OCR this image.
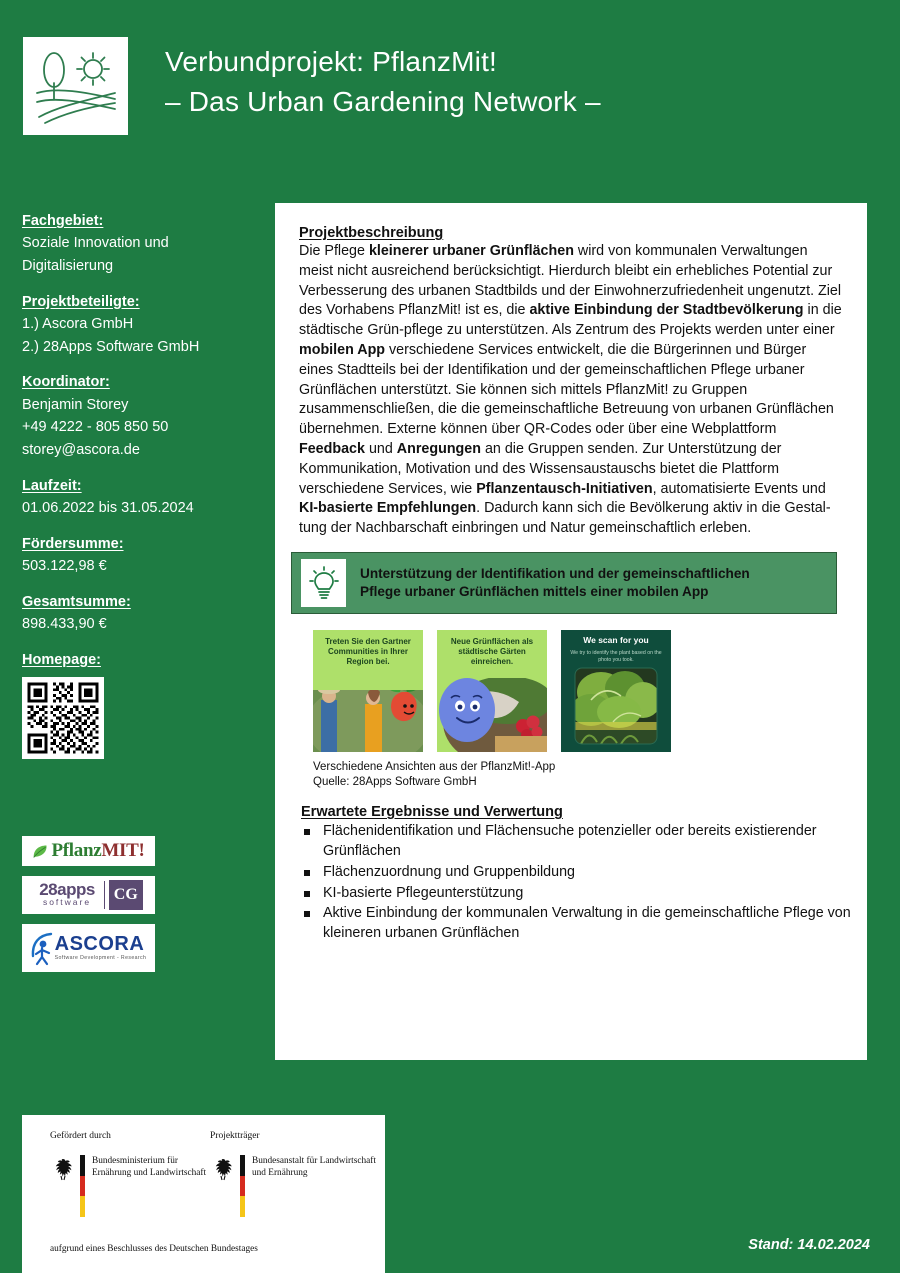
Verbundprojekt: PflanzMit!
– Das Urban Gardening Network –
Fachgebiet:
Soziale Innovation und
Digitalisierung
Projektbeteiligte:
1.) Ascora GmbH
2.) 28Apps Software GmbH
Koordinator:
Benjamin Storey
+49 4222 - 805 850 50
storey@ascora.de
Laufzeit:
01.06.2022 bis 31.05.2024
Fördersumme:
503.122,98 €
Gesamtsumme:
898.433,90 €
Homepage:
PflanzMIT!
28apps
software	CG
ASCORA
Software Development - Research
Projektbeschreibung
Die Pflege kleinerer urbaner Grünflächen wird von kommunalen Verwaltungen meist nicht ausreichend berücksichtigt. Hierdurch bleibt ein erhebliches Potential zur Verbesserung des urbanen Stadtbilds und der Einwohnerzufriedenheit ungenutzt. Ziel des Vorhabens PflanzMit! ist es, die aktive Einbindung der Stadtbevölkerung in die städtische Grün-pflege zu unterstützen. Als Zentrum des Projekts werden unter einer mobilen App verschiedene Services entwickelt, die die Bürgerinnen und Bürger eines Stadtteils bei der Identifikation und der gemeinschaftlichen Pflege urbaner Grünflächen unterstützt. Sie können sich mittels PflanzMit! zu Gruppen zusammenschließen, die die gemeinschaftliche Betreuung von urbanen Grünflächen übernehmen. Externe können über QR-Codes oder über eine Webplattform Feedback und Anregungen an die Gruppen senden. Zur Unterstützung der Kommunikation, Motivation und des Wissensaustauschs bietet die Plattform verschiedene Services, wie Pflanzentausch-Initiativen, automatisierte Events und KI-basierte Empfehlungen. Dadurch kann sich die Bevölkerung aktiv in die Gestal-tung der Nachbarschaft einbringen und Natur gemeinschaftlich erleben.
Unterstützung der Identifikation und der gemeinschaftlichen
Pflege urbaner Grünflächen mittels einer mobilen App
Treten Sie den Gartner
Communities in Ihrer
Region bei.
Neue Grünflächen als
städtische Gärten
einreichen.
We scan for you
We try to identify the plant based on the
photo you took.
Verschiedene Ansichten aus der PflanzMit!-App
Quelle: 28Apps Software GmbH
Erwartete Ergebnisse und Verwertung
Flächenidentifikation und Flächensuche potenzieller oder bereits existierender Grünflächen
Flächenzuordnung und Gruppenbildung
KI-basierte Pflegeunterstützung
Aktive Einbindung der kommunalen Verwaltung in die gemeinschaftliche Pflege von kleineren urbanen Grünflächen
Gefördert durch
Bundesministerium für Ernährung und Landwirtschaft
Projektträger
Bundesanstalt für Landwirtschaft und Ernährung
aufgrund eines Beschlusses des Deutschen Bundestages	Stand: 14.02.2024
